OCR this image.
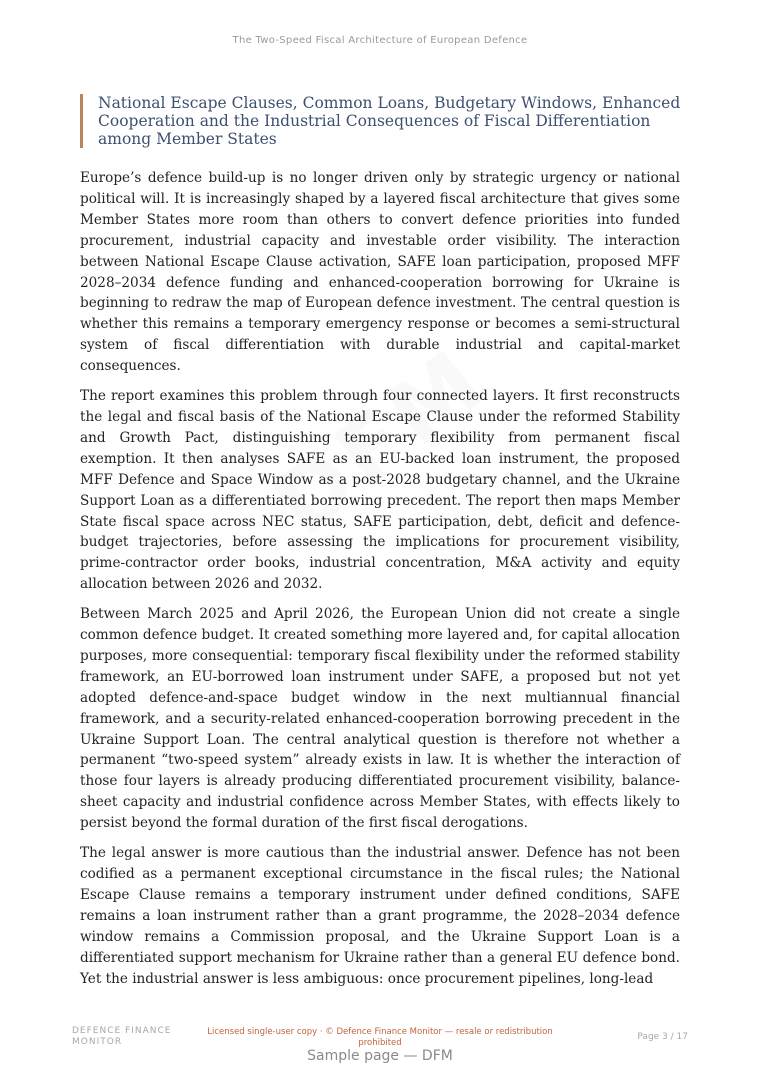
The Two-Speed Fiscal Architecture of European Defence
National Escape Clauses, Common Loans, Budgetary Windows, Enhanced Cooperation and the Industrial Consequences of Fiscal Differentiation among Member States

Europe’s defence build-up is no longer driven only by strategic urgency or national political will. It is increasingly shaped by a layered fiscal architecture that gives some Member States more room than others to convert defence priorities into funded procurement, industrial capacity and investable order visibility. The interaction between National Escape Clause activation, SAFE loan participation, proposed MFF 2028–2034 defence funding and enhanced-cooperation borrowing for Ukraine is beginning to redraw the map of European defence investment. The central question is whether this remains a temporary emergency response or becomes a semi-structural system of fiscal differentiation with durable industrial and capital-market consequences.

The report examines this problem through four connected layers. It first reconstructs the legal and fiscal basis of the National Escape Clause under the reformed Stability and Growth Pact, distinguishing temporary flexibility from permanent fiscal exemption. It then analyses SAFE as an EU-backed loan instrument, the proposed MFF Defence and Space Window as a post-2028 budgetary channel, and the Ukraine Support Loan as a differentiated borrowing precedent. The report then maps Member State fiscal space across NEC status, SAFE participation, debt, deficit and defence-budget trajectories, before assessing the implications for procurement visibility, prime-contractor order books, industrial concentration, M&A activity and equity allocation between 2026 and 2032.

Between March 2025 and April 2026, the European Union did not create a single common defence budget. It created something more layered and, for capital allocation purposes, more consequential: temporary fiscal flexibility under the reformed stability framework, an EU-borrowed loan instrument under SAFE, a proposed but not yet adopted defence-and-space budget window in the next multiannual financial framework, and a security-related enhanced-cooperation borrowing precedent in the Ukraine Support Loan. The central analytical question is therefore not whether a permanent “two-speed system” already exists in law. It is whether the interaction of those four layers is already producing differentiated procurement visibility, balance-sheet capacity and industrial confidence across Member States, with effects likely to persist beyond the formal duration of the first fiscal derogations.

The legal answer is more cautious than the industrial answer. Defence has not been codified as a permanent exceptional circumstance in the fiscal rules; the National Escape Clause remains a temporary instrument under defined conditions, SAFE remains a loan instrument rather than a grant programme, the 2028–2034 defence window remains a Commission proposal, and the Ukraine Support Loan is a differentiated support mechanism for Ukraine rather than a general EU defence bond. Yet the industrial answer is less ambiguous: once procurement pipelines, long-lead

DEFENCE FINANCE MONITOR
Licensed single-user copy · © Defence Finance Monitor — resale or redistribution prohibited
Page 3 / 17
Sample page — DFM
